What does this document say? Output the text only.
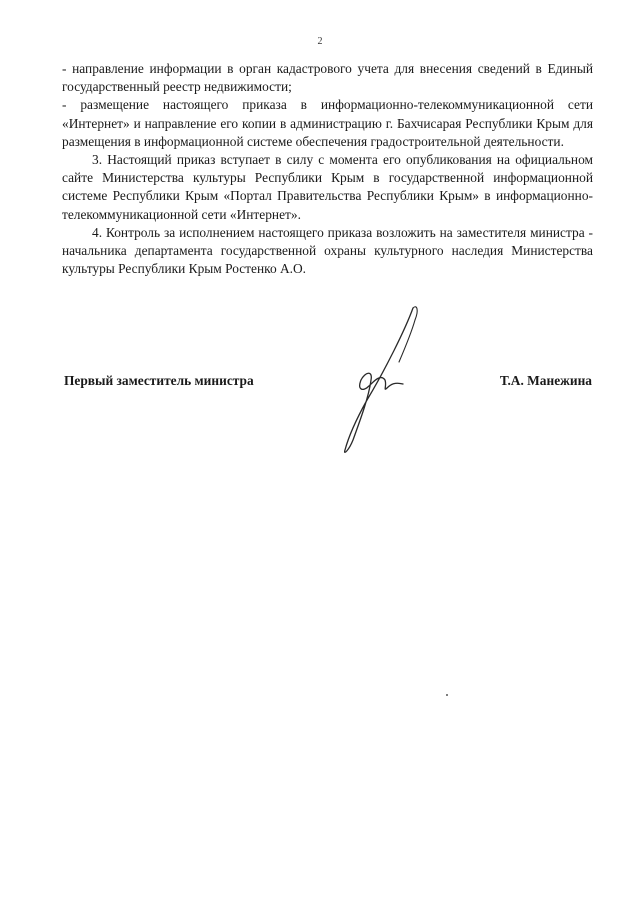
2

- направление информации в орган кадастрового учета для внесения сведений в Единый государственный реестр недвижимости;

- размещение настоящего приказа в информационно-телекоммуникационной сети «Интернет» и направление его копии в администрацию г. Бахчисарая Республики Крым для размещения в информационной системе обеспечения градостроительной деятельности.

3. Настоящий приказ вступает в силу с момента его опубликования на официальном сайте Министерства культуры Республики Крым в государственной информационной системе Республики Крым «Портал Правительства Республики Крым» в информационно-телекоммуникационной сети «Интернет».

4. Контроль за исполнением настоящего приказа возложить на заместителя министра - начальника департамента государственной охраны культурного наследия Министерства культуры Республики Крым Ростенко А.О.

Первый заместитель министра	Т.А. Манежина
